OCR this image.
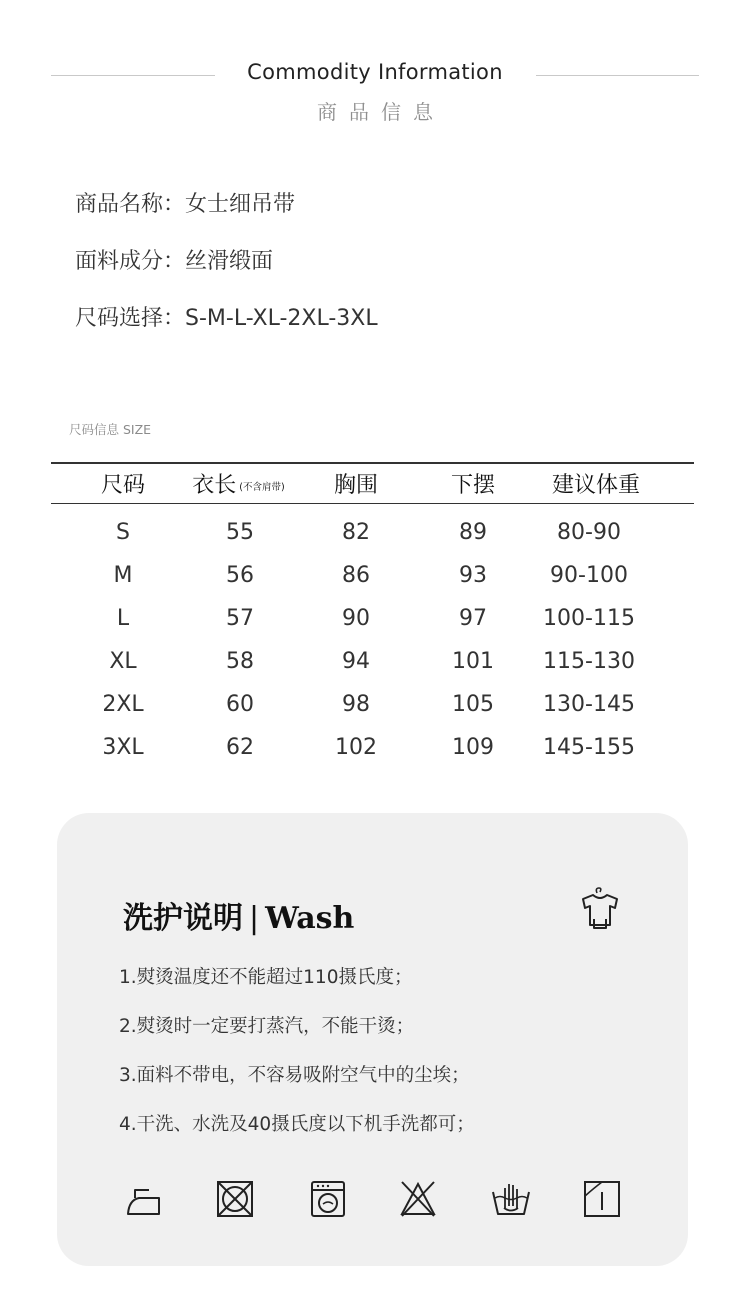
Commodity Information
商品信息
商品名称：女士细吊带
面料成分：丝滑缎面
尺码选择：S-M-L-XL-2XL-3XL
尺码信息 SIZE
尺码 衣长 (不含肩带) 胸围	下摆	建议体重
S	55	82	89	80-90
M	56	86	93	90-100
L	57	90	97	100-115
XL	58	94	101 115-130
2XL	60	98	105 130-145
3XL	62	102	109 145-155
洗护说明 | Wash
1.熨烫温度还不能超过110摄氏度；
2.熨烫时一定要打蒸汽，不能干烫；
3.面料不带电，不容易吸附空气中的尘埃；
4.干洗、水洗及40摄氏度以下机手洗都可；
